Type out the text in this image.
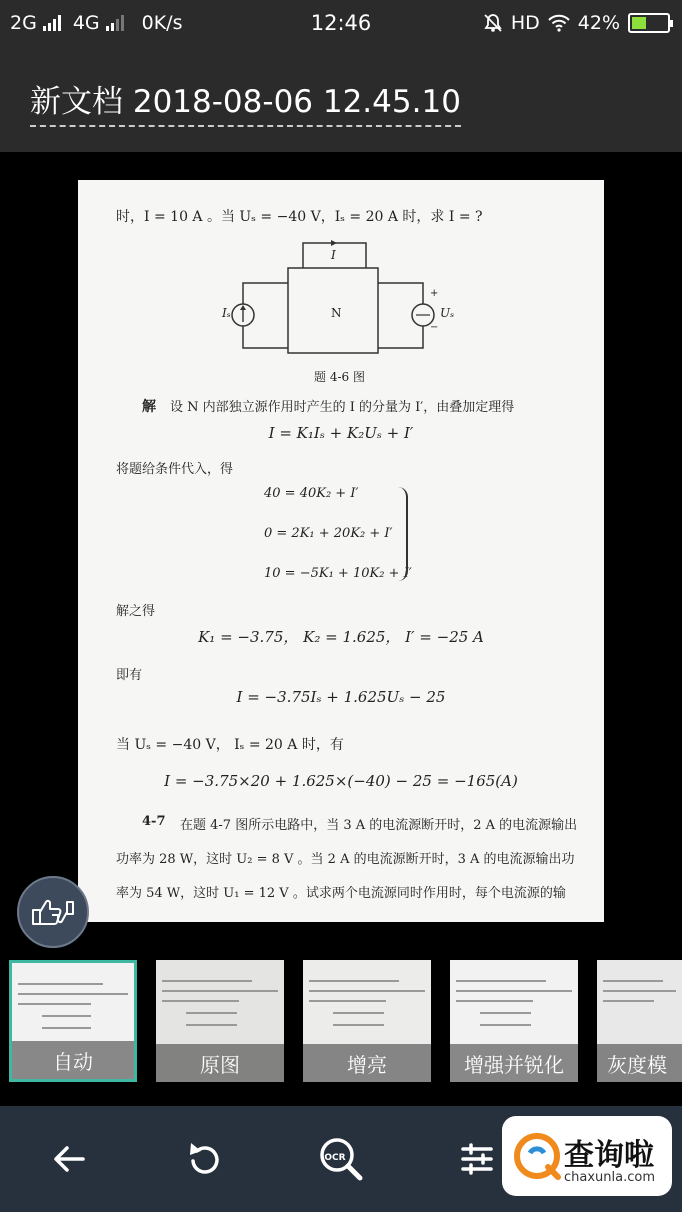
2G 4G 0K/s	12:46	HD 42%
新文档 2018-08-06 12.45.10
时，I = 10 A 。当 Uₛ = −40 V，Iₛ = 20 A 时，求 I = ?
I
N
Iₛ	Uₛ
+
−
题 4-6 图
解 设 N 内部独立源作用时产生的 I 的分量为 I′，由叠加定理得
I = K₁Iₛ + K₂Uₛ + I′
将题给条件代入，得
40 = 40K₂ + I′
0 = 2K₁ + 20K₂ + I′
10 = −5K₁ + 10K₂ + I′
解之得
K₁ = −3.75， K₂ = 1.625， I′ = −25 A
即有
I = −3.75Iₛ + 1.625Uₛ − 25
当 Uₛ = −40 V， Iₛ = 20 A 时，有
I = −3.75×20 + 1.625×(−40) − 25 = −165(A)
4-7 在题 4-7 图所示电路中，当 3 A 的电流源断开时，2 A 的电流源输出
功率为 28 W，这时 U₂ = 8 V 。当 2 A 的电流源断开时，3 A 的电流源输出功
率为 54 W，这时 U₁ = 12 V 。试求两个电流源同时作用时，每个电流源的输
自动	原图	增亮	增强并锐化	灰度模
OCR	查询啦
chaxunla.com
